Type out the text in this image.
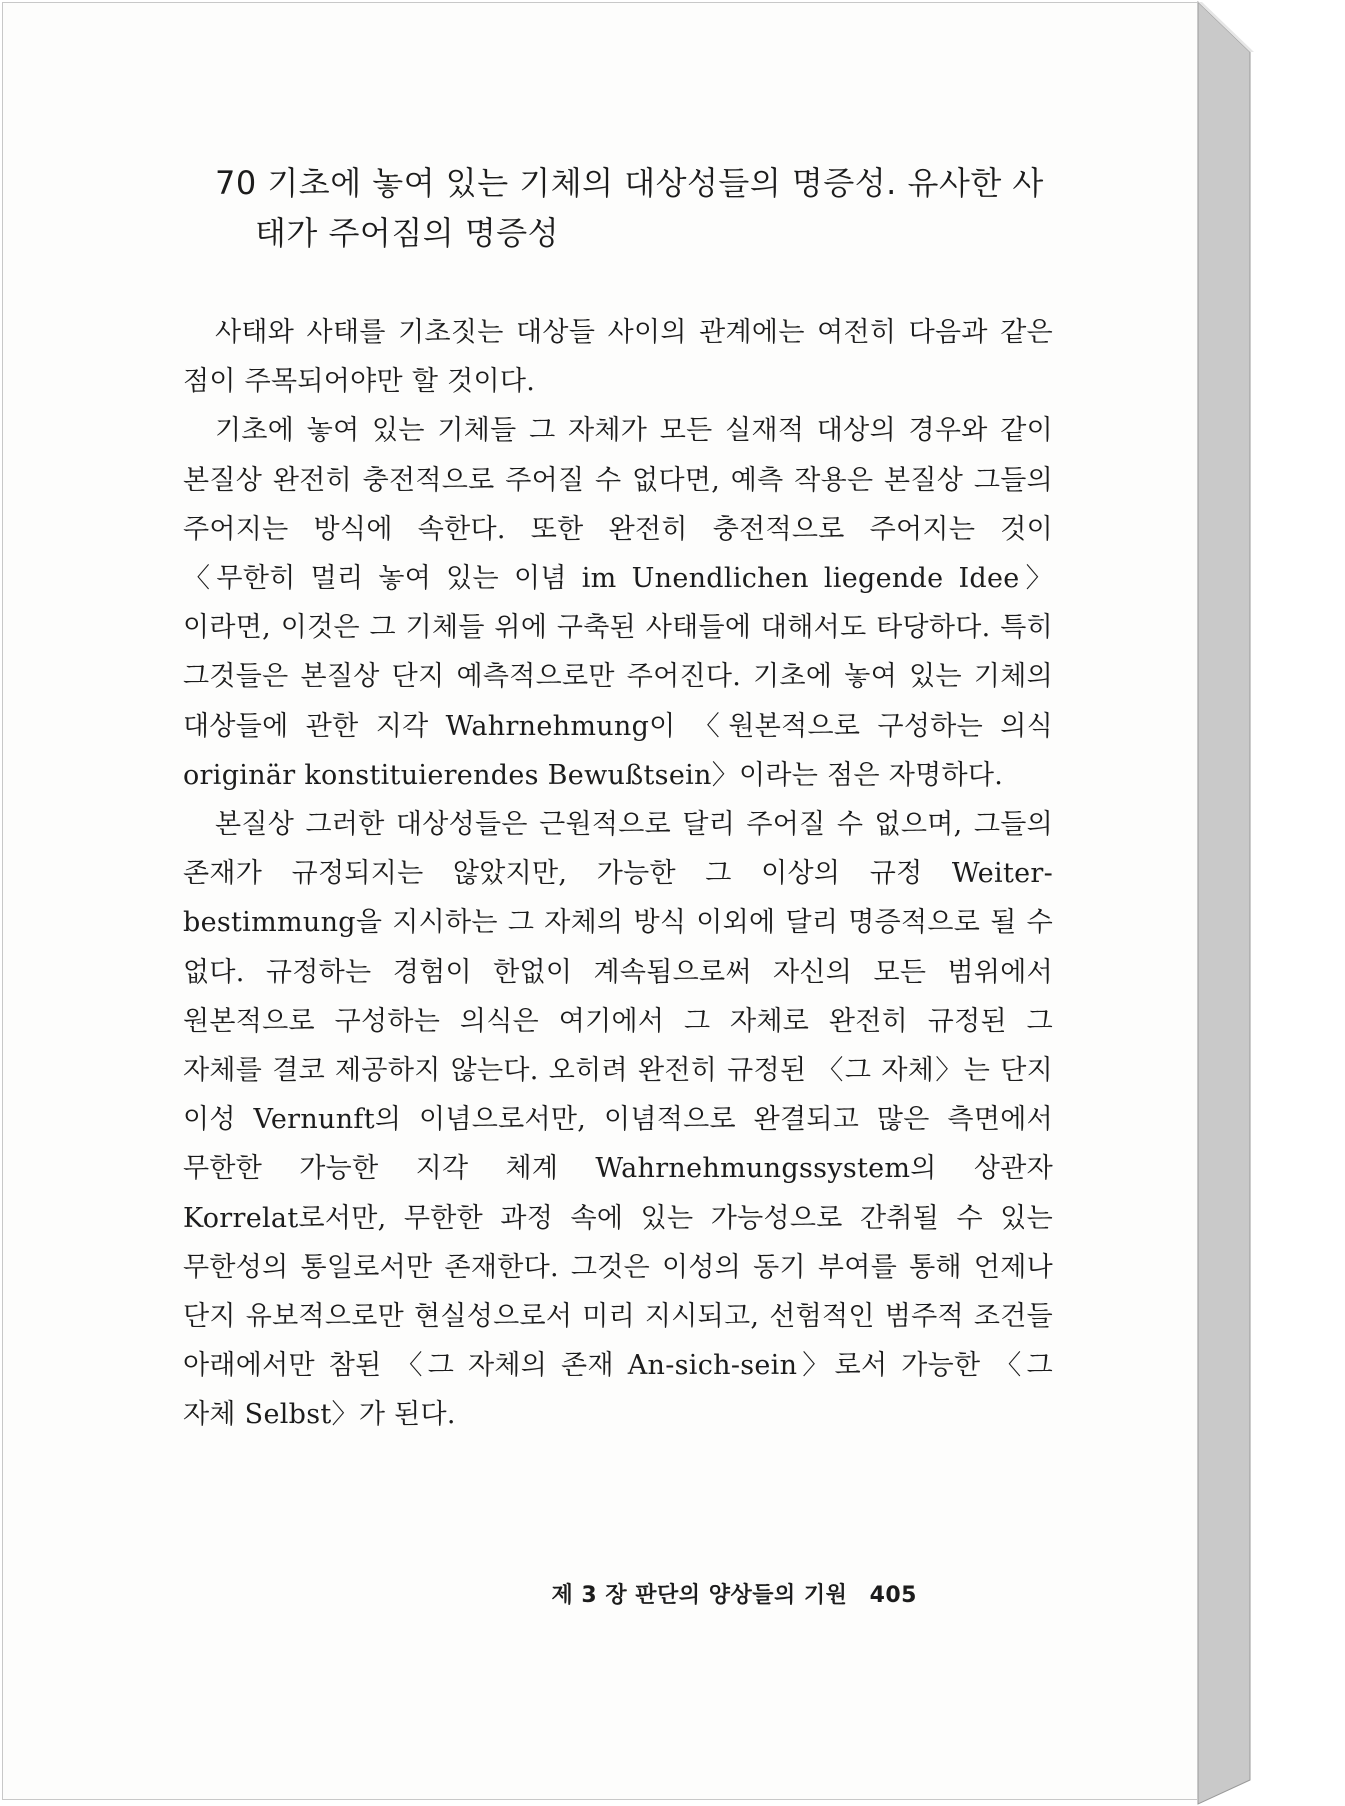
70 기초에 놓여 있는 기체의 대상성들의 명증성. 유사한 사태가 주어짐의 명증성

사태와 사태를 기초짓는 대상들 사이의 관계에는 여전히 다음과 같은 점이 주목되어야만 할 것이다.

기초에 놓여 있는 기체들 그 자체가 모든 실재적 대상의 경우와 같이 본질상 완전히 충전적으로 주어질 수 없다면, 예측 작용은 본질상 그들의 주어지는 방식에 속한다. 또한 완전히 충전적으로 주어지는 것이 〈무한히 멀리 놓여 있는 이념 im Unendlichen liegende Idee〉이라면, 이것은 그 기체들 위에 구축된 사태들에 대해서도 타당하다. 특히 그것들은 본질상 단지 예측적으로만 주어진다. 기초에 놓여 있는 기체의 대상들에 관한 지각 Wahrnehmung이 〈원본적으로 구성하는 의식 originär konstituierendes Bewußtsein〉이라는 점은 자명하다.

본질상 그러한 대상성들은 근원적으로 달리 주어질 수 없으며, 그들의 존재가 규정되지는 않았지만, 가능한 그 이상의 규정 Weiter-bestimmung을 지시하는 그 자체의 방식 이외에 달리 명증적으로 될 수 없다. 규정하는 경험이 한없이 계속됨으로써 자신의 모든 범위에서 원본적으로 구성하는 의식은 여기에서 그 자체로 완전히 규정된 그 자체를 결코 제공하지 않는다. 오히려 완전히 규정된 〈그 자체〉는 단지 이성 Vernunft의 이념으로서만, 이념적으로 완결되고 많은 측면에서 무한한 가능한 지각 체계 Wahrnehmungssystem의 상관자 Korrelat로서만, 무한한 과정 속에 있는 가능성으로 간취될 수 있는 무한성의 통일로서만 존재한다. 그것은 이성의 동기 부여를 통해 언제나 단지 유보적으로만 현실성으로서 미리 지시되고, 선험적인 범주적 조건들 아래에서만 참된 〈그 자체의 존재 An-sich-sein〉로서 가능한 〈그 자체 Selbst〉가 된다.

제 3 장 판단의 양상들의 기원 405
